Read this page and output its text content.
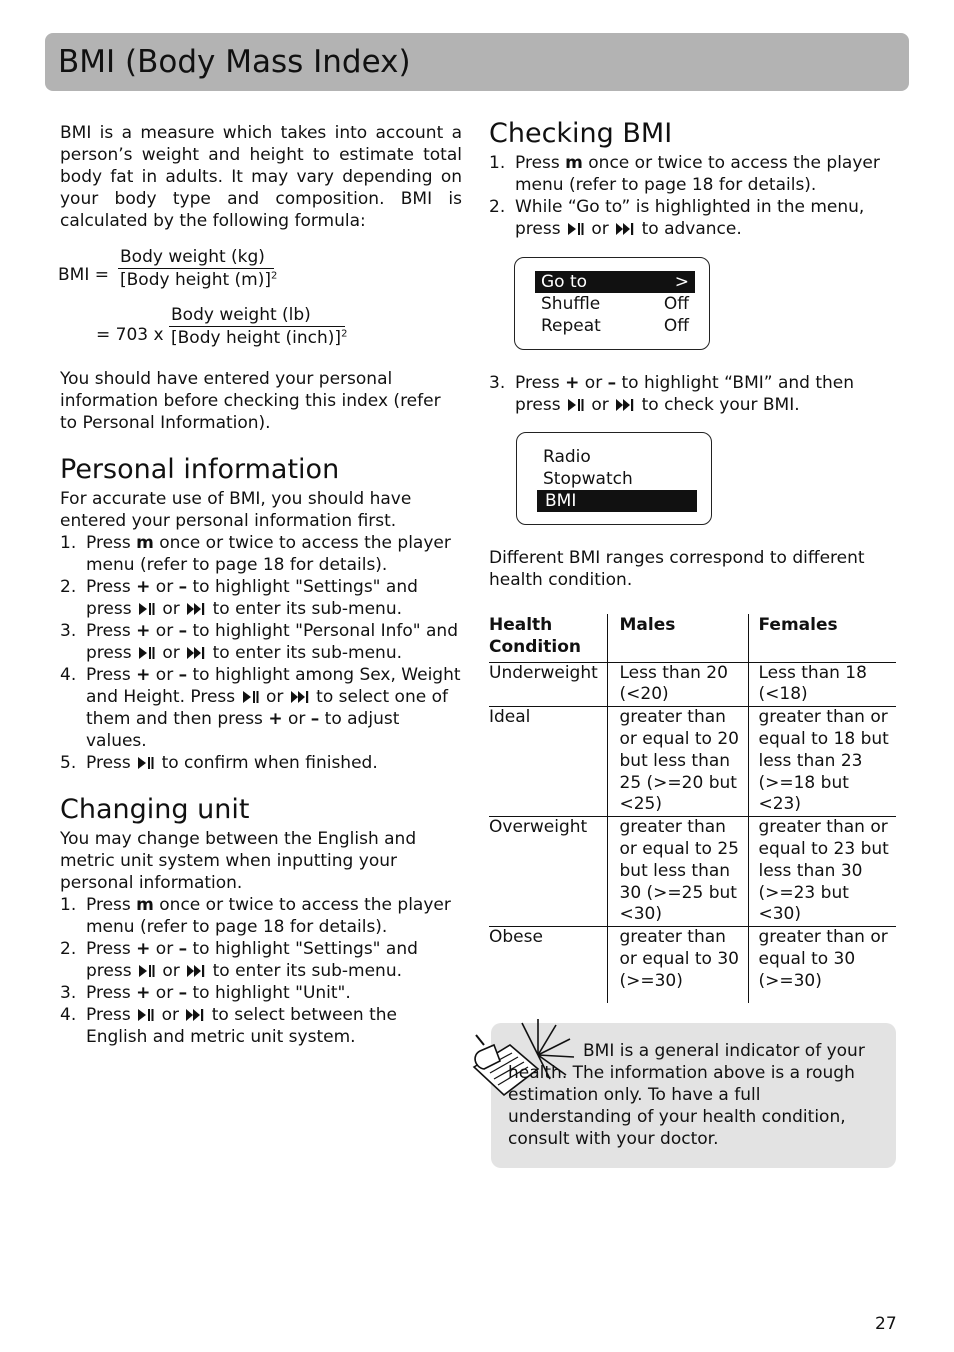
BMI (Body Mass Index)

BMI is a measure which takes into account a person’s weight and height to estimate total body fat in adults. It may vary depending on your body type and composition. BMI is calculated by the following formula:

BMI =
Body weight (kg)
[Body height (m)]$^2$
= 703 x
Body weight (lb)
[Body height (inch)]$^2$

You should have entered your personal information before checking this index (refer to Personal Information).

Personal information

For accurate use of BMI, you should have entered your personal information first.

1. Press m once or twice to access the player menu (refer to page 18 for details).
2. Press + or – to highlight "Settings" and press or to enter its sub-menu.
3. Press + or – to highlight "Personal Info" and press or to enter its sub-menu.
4. Press + or – to highlight among Sex, Weight and Height. Press or to select one of them and then press + or – to adjust values.
5. Press to confirm when finished.
Changing unit

You may change between the English and metric unit system when inputting your personal information.

1. Press m once or twice to access the player menu (refer to page 18 for details).
2. Press + or – to highlight "Settings" and press or to enter its sub-menu.
3. Press + or – to highlight "Unit".
4. Press or to select between the English and metric unit system.
Checking BMI
1. Press m once or twice to access the player menu (refer to page 18 for details).
2. While “Go to” is highlighted in the menu, press or to advance.
Go to	>
Shuffle	Off
Repeat	Off
3. Press + or – to highlight “BMI” and then press or to check your BMI.
Radio
Stopwatch
BMI

Different BMI ranges correspond to different health condition.

Health Condition	Males	Females
Underweight	Less than 20 (<20)	Less than 18 (<18)
Ideal	greater than or equal to 20 but less than 25 (>=20 but <25)	greater than or equal to 18 but less than 23 (>=18 but <23)
Overweight	greater than or equal to 25 but less than 30 (>=25 but <30)	greater than or equal to 23 but less than 30 (>=23 but <30)
Obese	greater than or equal to 30 (>=30)	greater than or equal to 30 (>=30)

BMI is a general indicator of your health. The information above is a rough estimation only. To have a full understanding of your health condition, consult with your doctor.

27
